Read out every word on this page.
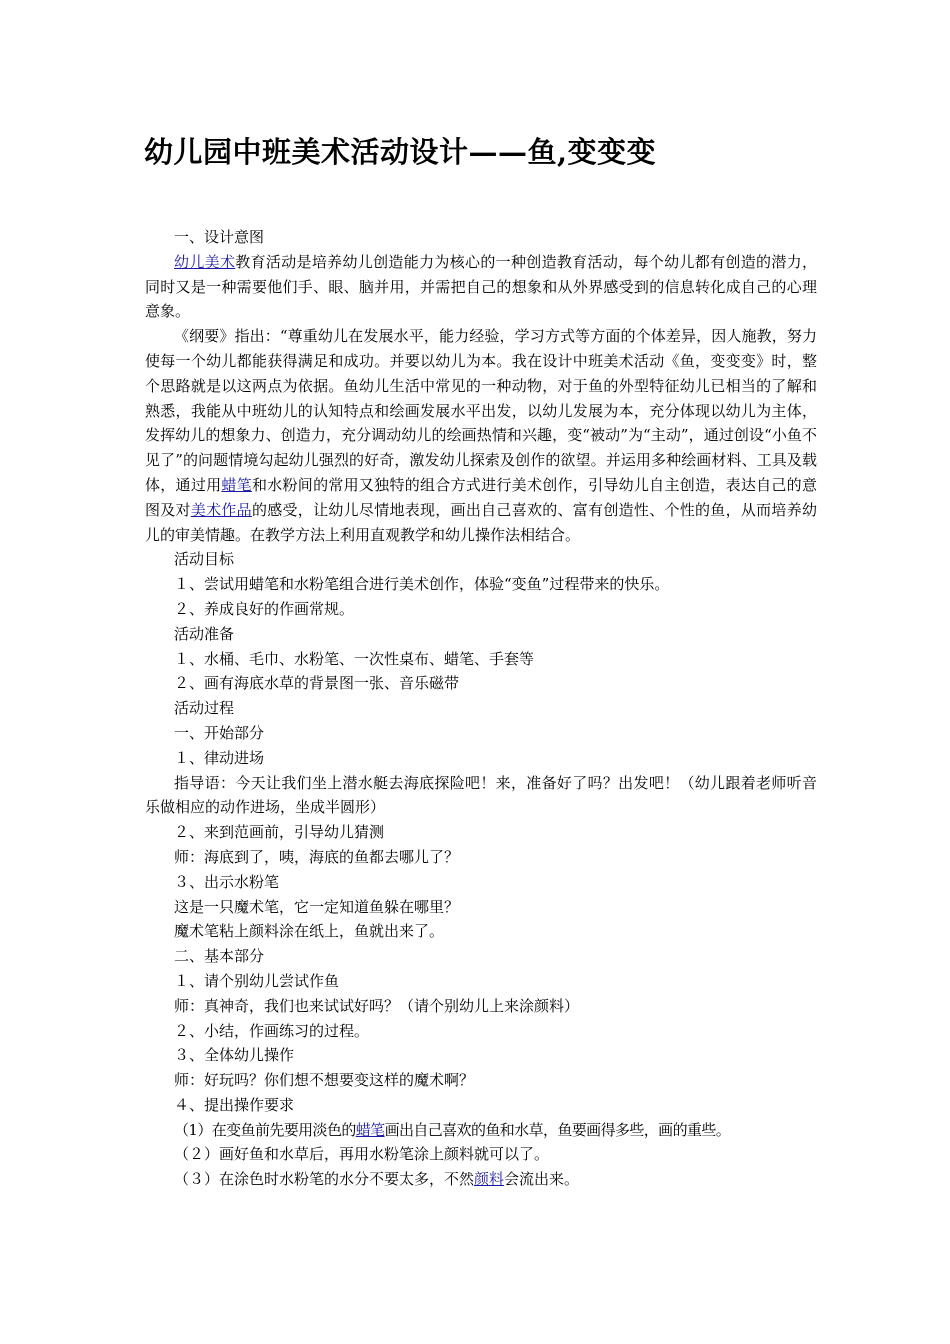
幼儿园中班美术活动设计——鱼,变变变

一、设计意图

幼儿美术教育活动是培养幼儿创造能力为核心的一种创造教育活动，每个幼儿都有创造的潜力，同时又是一种需要他们手、眼、脑并用，并需把自己的想象和从外界感受到的信息转化成自己的心理意象。

《纲要》指出：“尊重幼儿在发展水平，能力经验，学习方式等方面的个体差异，因人施教，努力使每一个幼儿都能获得满足和成功。并要以幼儿为本。我在设计中班美术活动《鱼，变变变》时，整个思路就是以这两点为依据。鱼幼儿生活中常见的一种动物，对于鱼的外型特征幼儿已相当的了解和熟悉，我能从中班幼儿的认知特点和绘画发展水平出发，以幼儿发展为本，充分体现以幼儿为主体，发挥幼儿的想象力、创造力，充分调动幼儿的绘画热情和兴趣，变“被动”为“主动”，通过创设“小鱼不见了”的问题情境勾起幼儿强烈的好奇，激发幼儿探索及创作的欲望。并运用多种绘画材料、工具及载体，通过用蜡笔和水粉间的常用又独特的组合方式进行美术创作，引导幼儿自主创造，表达自己的意图及对美术作品的感受，让幼儿尽情地表现，画出自己喜欢的、富有创造性、个性的鱼，从而培养幼儿的审美情趣。在教学方法上利用直观教学和幼儿操作法相结合。

活动目标

１、尝试用蜡笔和水粉笔组合进行美术创作，体验“变鱼”过程带来的快乐。

２、养成良好的作画常规。

活动准备

１、水桶、毛巾、水粉笔、一次性桌布、蜡笔、手套等

２、画有海底水草的背景图一张、音乐磁带

活动过程

一、开始部分

１、律动进场

指导语：今天让我们坐上潜水艇去海底探险吧！来，准备好了吗？出发吧！（幼儿跟着老师听音乐做相应的动作进场，坐成半圆形）

２、来到范画前，引导幼儿猜测

师：海底到了，咦，海底的鱼都去哪儿了？

３、出示水粉笔

这是一只魔术笔，它一定知道鱼躲在哪里？

魔术笔粘上颜料涂在纸上，鱼就出来了。

二、基本部分

１、请个别幼儿尝试作鱼

师：真神奇，我们也来试试好吗？（请个别幼儿上来涂颜料）

２、小结，作画练习的过程。

３、全体幼儿操作

师：好玩吗？你们想不想要变这样的魔术啊？

４、提出操作要求

（1）在变鱼前先要用淡色的蜡笔画出自己喜欢的鱼和水草，鱼要画得多些，画的重些。

（２）画好鱼和水草后，再用水粉笔涂上颜料就可以了。

（３）在涂色时水粉笔的水分不要太多，不然颜料会流出来。
